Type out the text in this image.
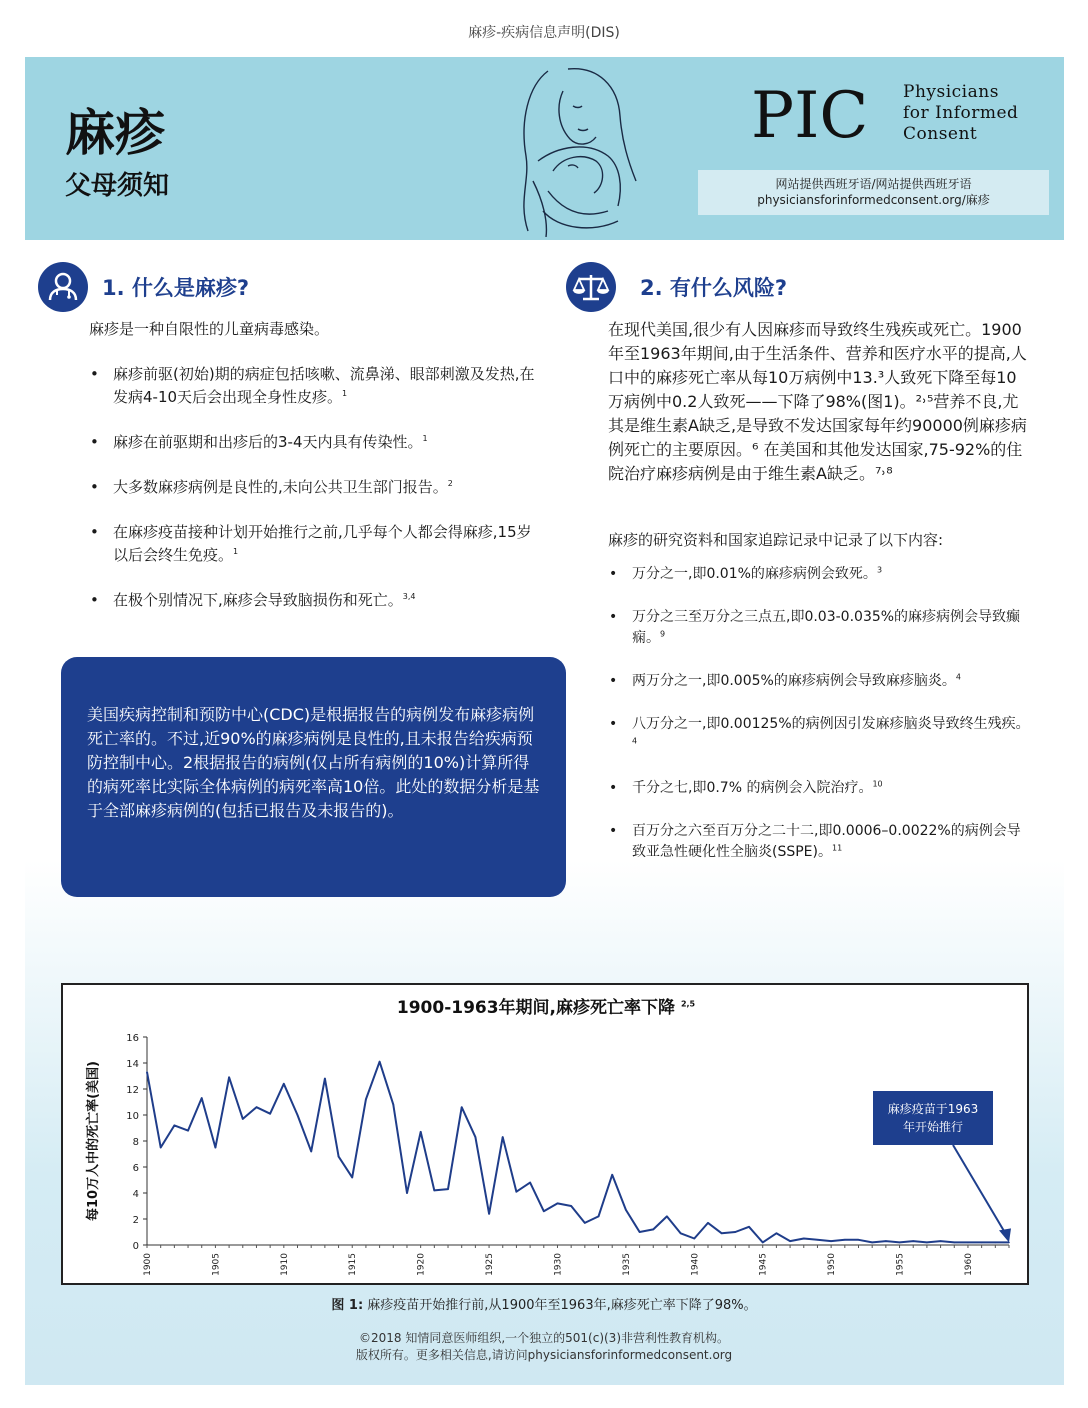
麻疹-疾病信息声明(DIS)
麻疹
父母须知
PIC Physicians
for Informed
Consent
网站提供西班牙语/网站提供西班牙语
physiciansforinformedconsent.org/麻疹
1. 什么是麻疹?
麻疹是一种自限性的儿童病毒感染。
• 麻疹前驱(初始)期的病症包括咳嗽、流鼻涕、眼部刺激及发热,在发病4-10天后会出现全身性皮疹。$^1$
• 麻疹在前驱期和出疹后的3-4天内具有传染性。$^1$
• 大多数麻疹病例是良性的,未向公共卫生部门报告。$^2$
• 在麻疹疫苗接种计划开始推行之前,几乎每个人都会得麻疹,15岁以后会终生免疫。$^1$
• 在极个别情况下,麻疹会导致脑损伤和死亡。$^{3,4}$
美国疾病控制和预防中心(CDC)是根据报告的病例发布麻疹病例死亡率的。不过,近90%的麻疹病例是良性的,且未报告给疾病预防控制中心。2根据报告的病例(仅占所有病例的10%)计算所得的病死率比实际全体病例的病死率高10倍。此处的数据分析是基于全部麻疹病例的(包括已报告及未报告的)。
2. 有什么风险?
在现代美国,很少有人因麻疹而导致终生残疾或死亡。1900年至1963年期间,由于生活条件、营养和医疗水平的提高,人口中的麻疹死亡率从每10万病例中13.³人致死下降至每10万病例中0.2人致死——下降了98%(图1)。²˒⁵营养不良,尤其是维生素A缺乏,是导致不发达国家每年约90000例麻疹病例死亡的主要原因。⁶ 在美国和其他发达国家,75-92%的住院治疗麻疹病例是由于维生素A缺乏。⁷˒⁸
麻疹的研究资料和国家追踪记录中记录了以下内容:
• 万分之一,即0.01%的麻疹病例会致死。$^3$
• 万分之三至万分之三点五,即0.03-0.035%的麻疹病例会导致癫痫。$^9$
• 两万分之一,即0.005%的麻疹病例会导致麻疹脑炎。$^4$
• 八万分之一,即0.00125%的病例因引发麻疹脑炎导致终生残疾。$^4$
• 千分之七,即0.7% 的病例会入院治疗。$^{10}$
• 百万分之六至百万分之二十二,即0.0006–0.0022%的病例会导致亚急性硬化性全脑炎(SSPE)。$^{11}$
1900-1963年期间,麻疹死亡率下降 $^{2,5}$
0
2
4
6
8
10
12
14
16
1900	1905	1910	1915	1920	1925	1930	1935	1940	1945	1950	1955	1960
每10万人中的死亡率(美国)	麻疹疫苗于1963
年开始推行
图 1: 麻疹疫苗开始推行前,从1900年至1963年,麻疹死亡率下降了98%。
©2018 知情同意医师组织,一个独立的501(c)(3)非营利性教育机构。
版权所有。更多相关信息,请访问physiciansforinformedconsent.org
